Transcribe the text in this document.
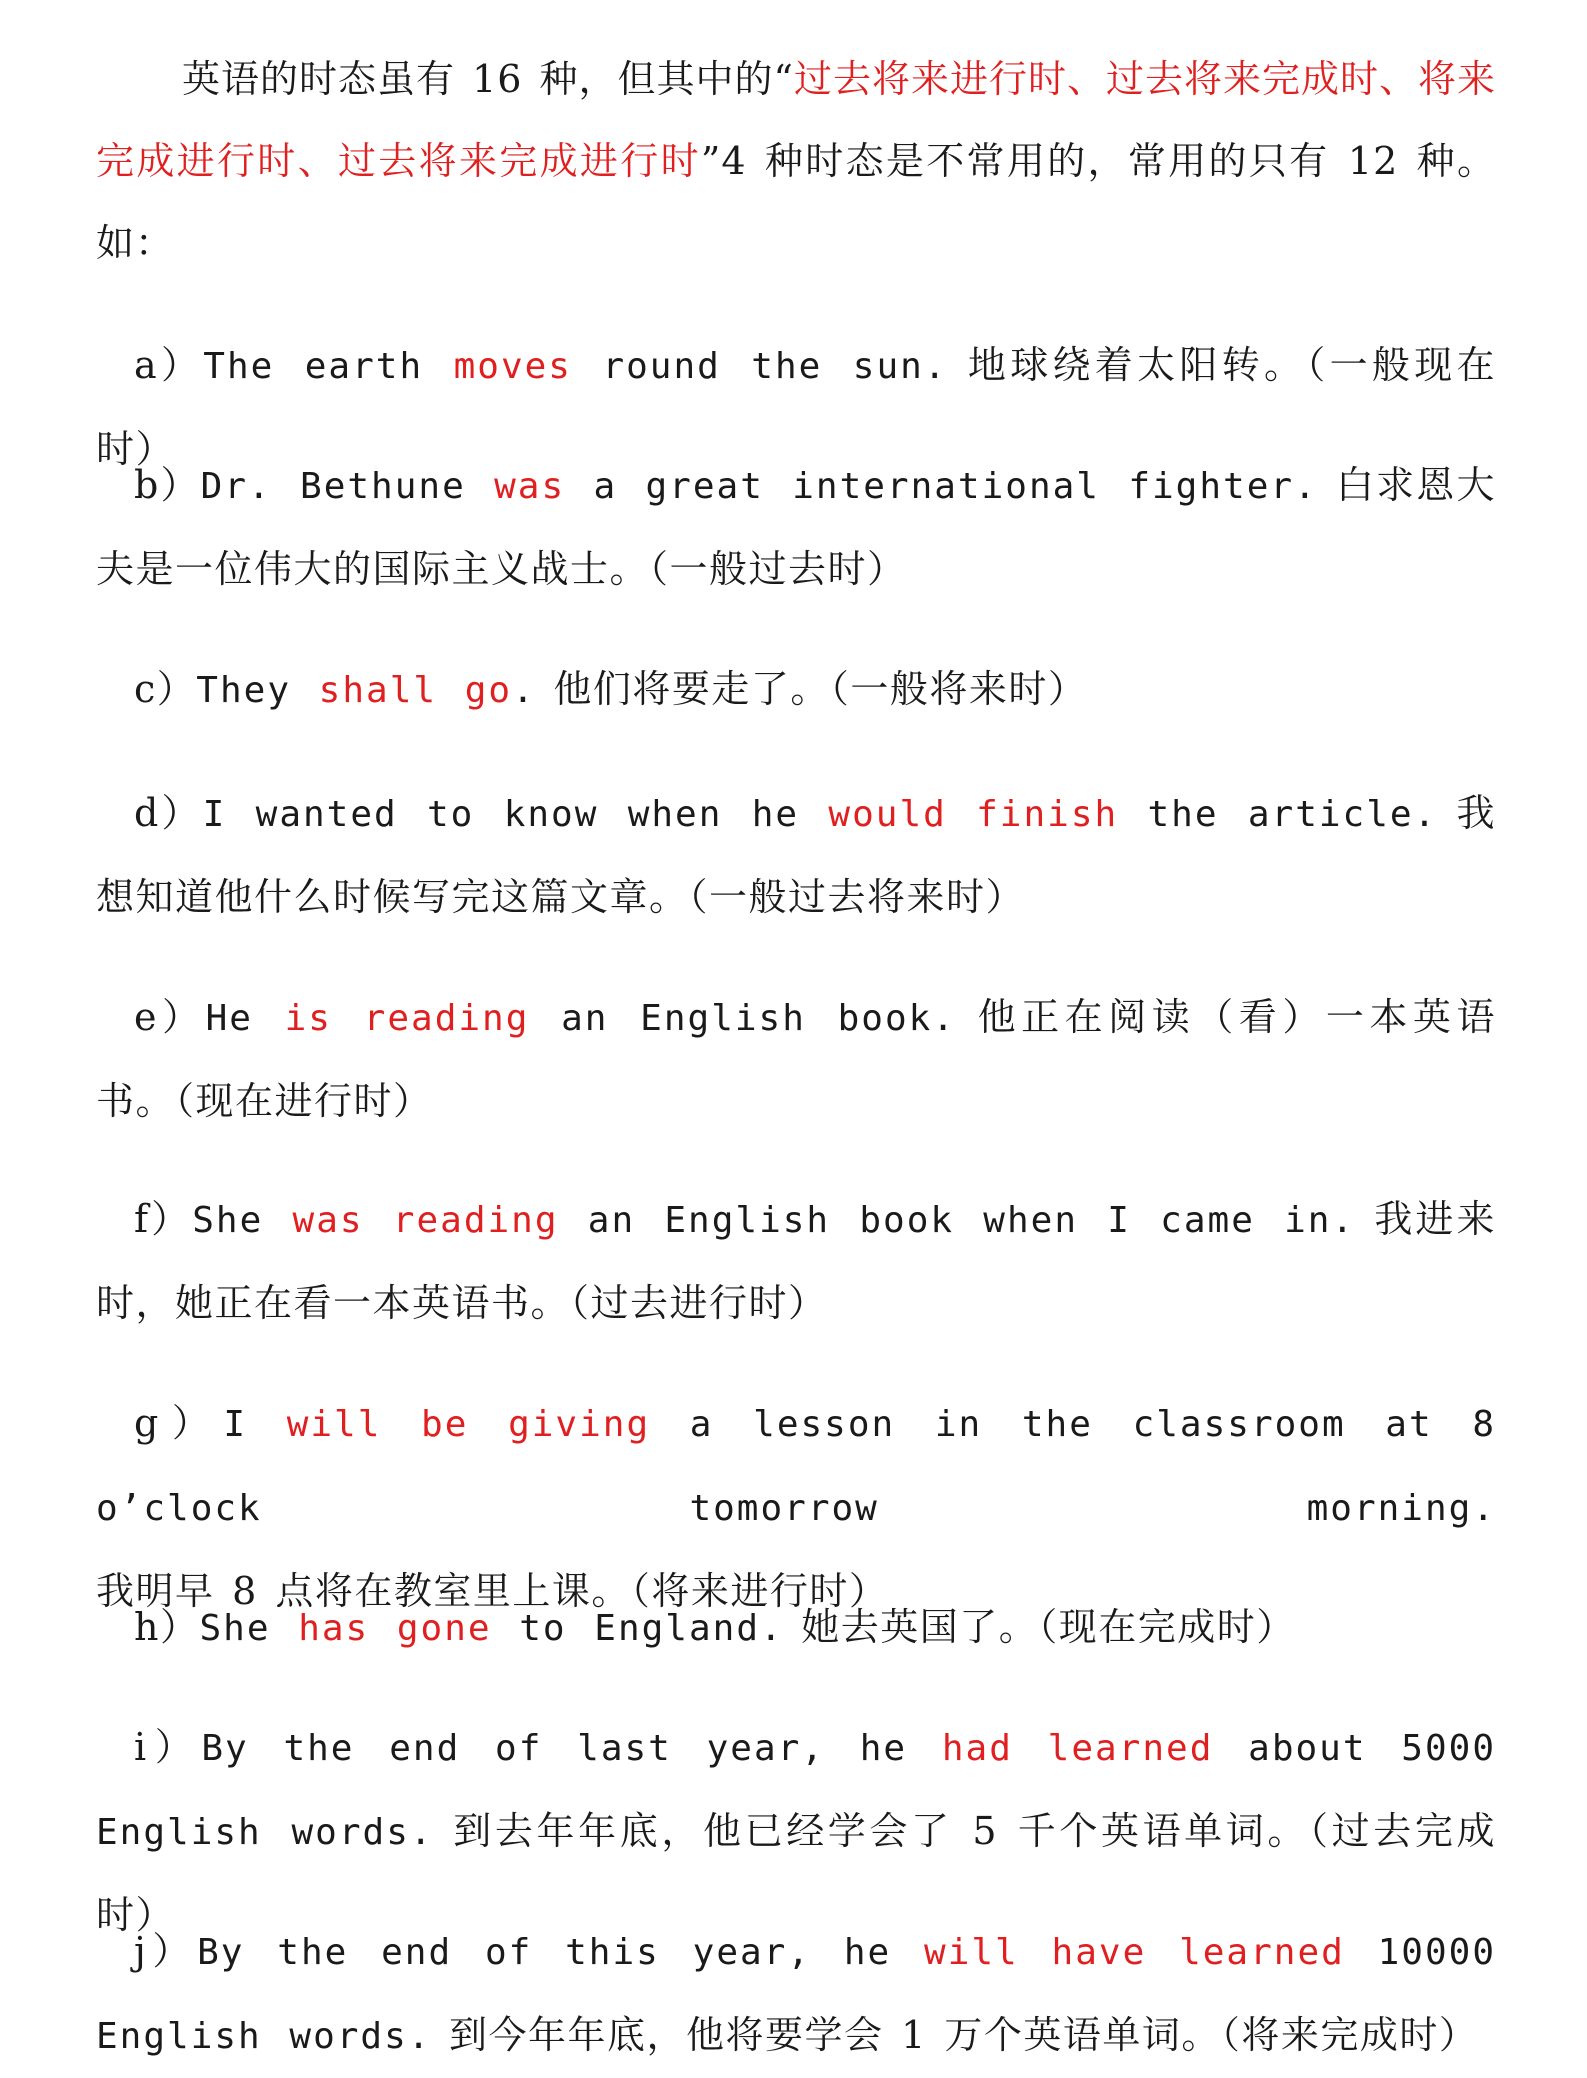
英语的时态虽有 16 种，但其中的“过去将来进行时、过去将来完成时、将来完成进行时、过去将来完成进行时”4 种时态是不常用的，常用的只有 12 种。如：

a）The earth moves round the sun. 地球绕着太阳转。（一般现在时）

b）Dr. Bethune was a great international fighter. 白求恩大夫是一位伟大的国际主义战士。（一般过去时）

c）They shall go. 他们将要走了。（一般将来时）

d）I wanted to know when he would finish the article. 我想知道他什么时候写完这篇文章。（一般过去将来时）

e）He is reading an English book. 他正在阅读（看）一本英语书。（现在进行时）

f）She was reading an English book when I came in. 我进来时，她正在看一本英语书。（过去进行时）

g）I will be giving a lesson in the classroom at 8 o’clock tomorrow morning. 我明早 8 点将在教室里上课。（将来进行时）

h）She has gone to England. 她去英国了。（现在完成时）

i）By the end of last year, he had learned about 5000 English words. 到去年年底，他已经学会了 5 千个英语单词。（过去完成时）

j）By the end of this year, he will have learned 10000 English words. 到今年年底，他将要学会 1 万个英语单词。（将来完成时）
